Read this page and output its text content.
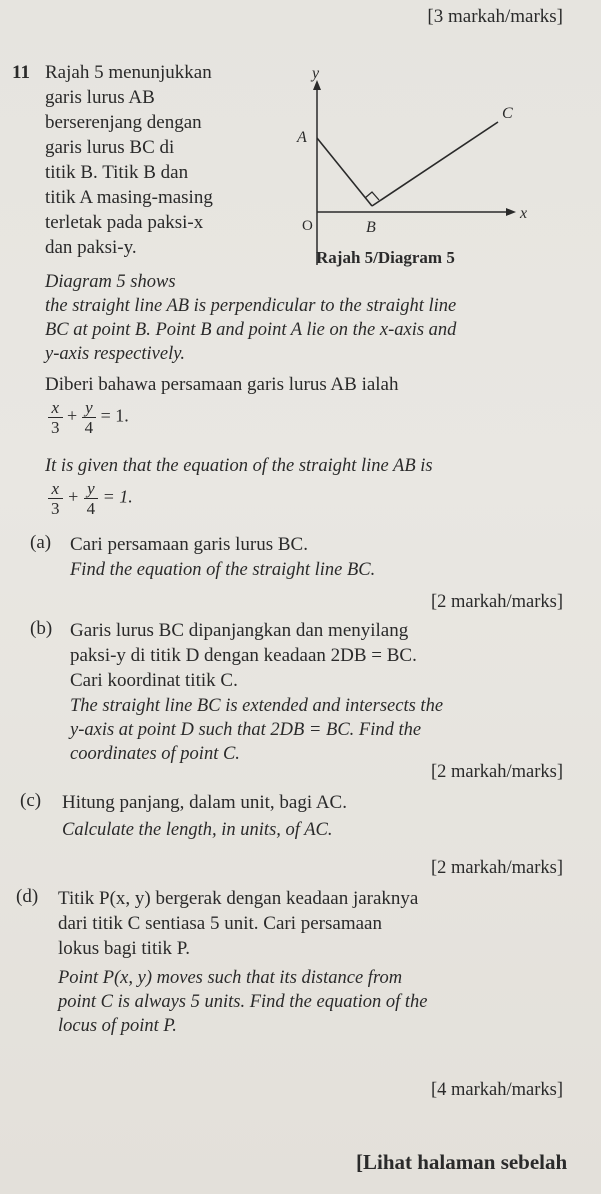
[3 markah/marks]
11 Rajah 5 menunjukkan
garis lurus AB
berserenjang dengan
garis lurus BC di
titik B. Titik B dan
titik A masing-masing
terletak pada paksi-x
dan paksi-y.
y
x
O
A
B
C
Rajah 5/Diagram 5
Diagram 5 shows
the straight line AB is perpendicular to the straight line
BC at point B. Point B and point A lie on the x-axis and
y-axis respectively.
Diberi bahawa persamaan garis lurus AB ialah
$\frac{x}{3} + \frac{y}{4} = 1$.
It is given that the equation of the straight line AB is
$\frac{x}{3} + \frac{y}{4} = 1$.
(a) Cari persamaan garis lurus BC.
Find the equation of the straight line BC.
[2 markah/marks]
(b) Garis lurus BC dipanjangkan dan menyilang
paksi-y di titik D dengan keadaan 2DB = BC.
Cari koordinat titik C.
The straight line BC is extended and intersects the
y-axis at point D such that 2DB = BC. Find the
coordinates of point C.
[2 markah/marks]
(c) Hitung panjang, dalam unit, bagi AC.
Calculate the length, in units, of AC.
[2 markah/marks]
(d) Titik P(x, y) bergerak dengan keadaan jaraknya
dari titik C sentiasa 5 unit. Cari persamaan
lokus bagi titik P.
Point P(x, y) moves such that its distance from
point C is always 5 units. Find the equation of the
locus of point P.
[4 markah/marks]
[Lihat halaman sebelah
